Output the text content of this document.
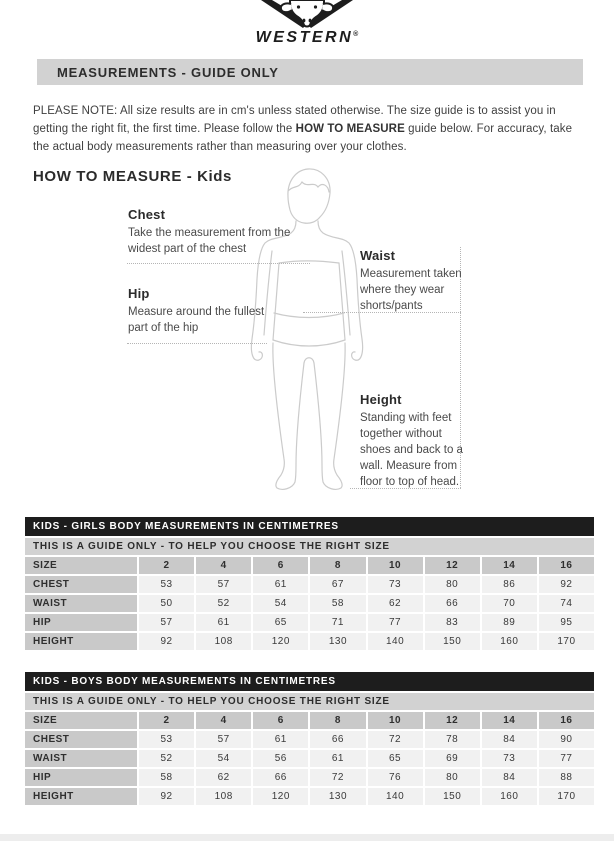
WESTERN®
MEASUREMENTS - GUIDE ONLY

PLEASE NOTE: All size results are in cm's unless stated otherwise. The size guide is to assist you in getting the right fit, the first time. Please follow the HOW TO MEASURE guide below. For accuracy, take the actual body measurements rather than measuring over your clothes.

HOW TO MEASURE - Kids
Chest

Take the measurement from the widest part of the chest

Hip

Measure around the fullest part of the hip

Waist

Measurement taken where they wear shorts/pants

Height

Standing with feet together without shoes and back to a wall. Measure from floor to top of head.

KIDS - GIRLS BODY MEASUREMENTS IN CENTIMETRES
THIS IS A GUIDE ONLY - TO HELP YOU CHOOSE THE RIGHT SIZE
SIZE	2	4	6	8	10	12	14	16
CHEST	53	57	61	67	73	80	86	92
WAIST	50	52	54	58	62	66	70	74
HIP	57	61	65	71	77	83	89	95
HEIGHT	92	108	120	130	140	150	160	170
KIDS - BOYS BODY MEASUREMENTS IN CENTIMETRES
THIS IS A GUIDE ONLY - TO HELP YOU CHOOSE THE RIGHT SIZE
SIZE	2	4	6	8	10	12	14	16
CHEST	53	57	61	66	72	78	84	90
WAIST	52	54	56	61	65	69	73	77
HIP	58	62	66	72	76	80	84	88
HEIGHT	92	108	120	130	140	150	160	170
